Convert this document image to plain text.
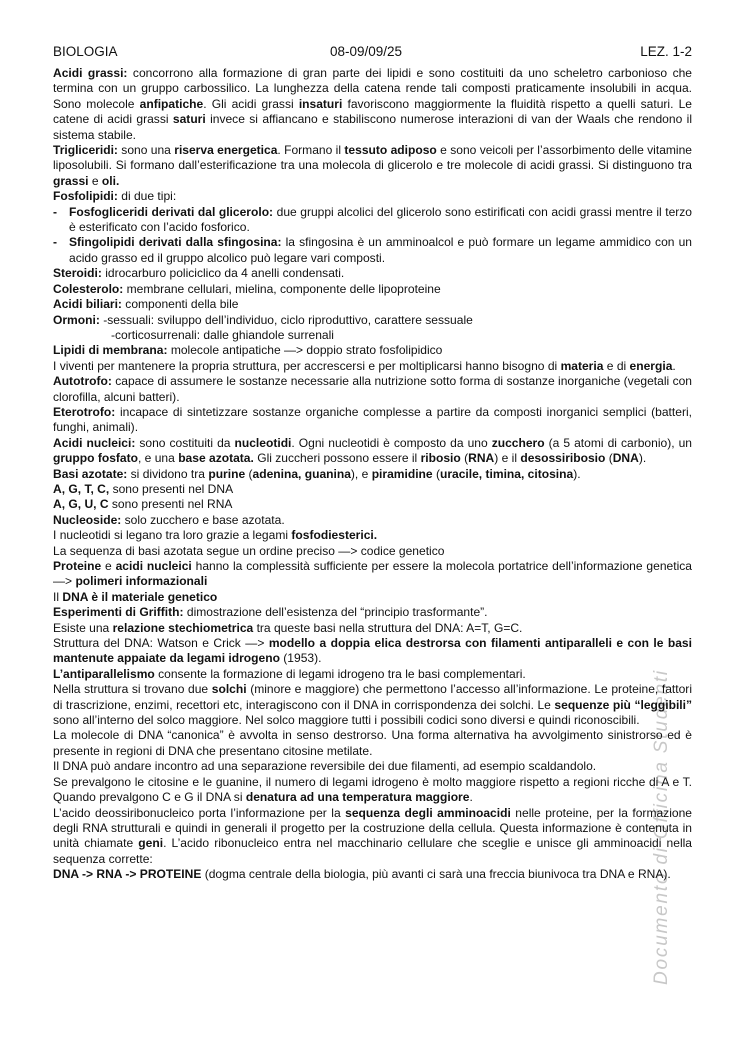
Documento di Officina Studenti
BIOLOGIA	08-09/09/25	LEZ. 1-2
Acidi grassi: concorrono alla formazione di gran parte dei lipidi e sono costituiti da uno scheletro carbonioso che termina con un gruppo carbossilico. La lunghezza della catena rende tali composti praticamente insolubili in acqua. Sono molecole anfipatiche. Gli acidi grassi insaturi favoriscono maggiormente la fluidità rispetto a quelli saturi. Le catene di acidi grassi saturi invece si affiancano e stabiliscono numerose interazioni di van der Waals che rendono il sistema stabile.
Trigliceridi: sono una riserva energetica. Formano il tessuto adiposo e sono veicoli per l’assorbimento delle vitamine liposolubili. Si formano dall’esterificazione tra una molecola di glicerolo e tre molecole di acidi grassi. Si distinguono tra grassi e oli.
Fosfolipidi: di due tipi:
- Fosfogliceridi derivati dal glicerolo: due gruppi alcolici del glicerolo sono estirificati con acidi grassi mentre il terzo è esterificato con l’acido fosforico.
- Sfingolipidi derivati dalla sfingosina: la sfingosina è un amminoalcol e può formare un legame ammidico con un acido grasso ed il gruppo alcolico può legare vari composti.
Steroidi: idrocarburo policiclico da 4 anelli condensati.
Colesterolo: membrane cellulari, mielina, componente delle lipoproteine
Acidi biliari: componenti della bile
Ormoni: -sessuali: sviluppo dell’individuo, ciclo riproduttivo, carattere sessuale
-corticosurrenali: dalle ghiandole surrenali
Lipidi di membrana: molecole antipatiche —> doppio strato fosfolipidico
I viventi per mantenere la propria struttura, per accrescersi e per moltiplicarsi hanno bisogno di materia e di energia.
Autotrofo: capace di assumere le sostanze necessarie alla nutrizione sotto forma di sostanze inorganiche (vegetali con clorofilla, alcuni batteri).
Eterotrofo: incapace di sintetizzare sostanze organiche complesse a partire da composti inorganici semplici (batteri, funghi, animali).
Acidi nucleici: sono costituiti da nucleotidi. Ogni nucleotidi è composto da uno zucchero (a 5 atomi di carbonio), un gruppo fosfato, e una base azotata. Gli zuccheri possono essere il ribosio (RNA) e il desossiribosio (DNA).
Basi azotate: si dividono tra purine (adenina, guanina), e piramidine (uracile, timina, citosina).
A, G, T, C, sono presenti nel DNA
A, G, U, C sono presenti nel RNA
Nucleoside: solo zucchero e base azotata.
I nucleotidi si legano tra loro grazie a legami fosfodiesterici.
La sequenza di basi azotata segue un ordine preciso —> codice genetico
Proteine e acidi nucleici hanno la complessità sufficiente per essere la molecola portatrice dell’informazione genetica —> polimeri informazionali
Il DNA è il materiale genetico
Esperimenti di Griffith: dimostrazione dell’esistenza del “principio trasformante”.
Esiste una relazione stechiometrica tra queste basi nella struttura del DNA: A=T, G=C.
Struttura del DNA: Watson e Crick —> modello a doppia elica destrorsa con filamenti antiparalleli e con le basi mantenute appaiate da legami idrogeno (1953).
L’antiparallelismo consente la formazione di legami idrogeno tra le basi complementari.
Nella struttura si trovano due solchi (minore e maggiore) che permettono l’accesso all’informazione. Le proteine, fattori di trascrizione, enzimi, recettori etc, interagiscono con il DNA in corrispondenza dei solchi. Le sequenze più “leggibili” sono all’interno del solco maggiore. Nel solco maggiore tutti i possibili codici sono diversi e quindi riconoscibili.
La molecole di DNA “canonica” è avvolta in senso destrorso. Una forma alternativa ha avvolgimento sinistrorso ed è presente in regioni di DNA che presentano citosine metilate.
Il DNA può andare incontro ad una separazione reversibile dei due filamenti, ad esempio scaldandolo.
Se prevalgono le citosine e le guanine, il numero di legami idrogeno è molto maggiore rispetto a regioni ricche di A e T. Quando prevalgono C e G il DNA si denatura ad una temperatura maggiore.
L’acido deossiribonucleico porta l’informazione per la sequenza degli amminoacidi nelle proteine, per la formazione degli RNA strutturali e quindi in generali il progetto per la costruzione della cellula. Questa informazione è contenuta in unità chiamate geni. L’acido ribonucleico entra nel macchinario cellulare che sceglie e unisce gli amminoacidi nella sequenza corrette:
DNA -> RNA -> PROTEINE (dogma centrale della biologia, più avanti ci sarà una freccia biunivoca tra DNA e RNA).
